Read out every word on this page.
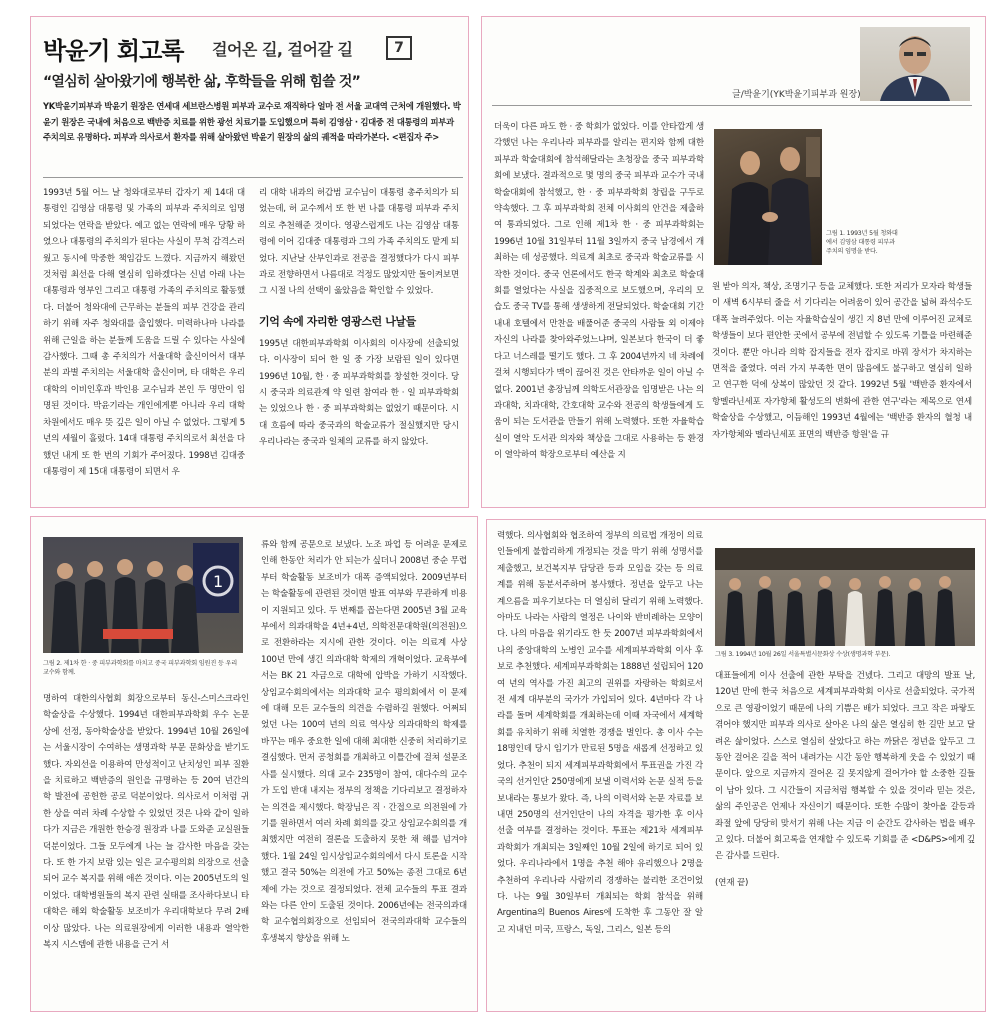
박윤기 회고록 걸어온 길, 걸어갈 길	7
“열심히 살아왔기에 행복한 삶, 후학들을 위해 힘쓸 것”
YK박윤기피부과 박윤기 원장은 연세대 세브란스병원 피부과 교수로 재직하다 얼마 전 서울 교대역 근처에 개원했다. 박윤기 원장은 국내에 처음으로 백반증 치료를 위한 광선 치료기를 도입했으며 특히 김영삼 · 김대중 전 대통령의 피부과 주치의로 유명하다. 피부과 의사로서 환자를 위해 살아왔던 박윤기 원장의 삶의 궤적을 따라가본다. <편집자 주>

1993년 5월 어느 날 청와대로부터 갑자기 제 14대 대통령인 김영삼 대통령 및 가족의 피부과 주치의로 임명되었다는 연락을 받았다. 예고 없는 연락에 매우 당황 하였으나 대통령의 주치의가 된다는 사실이 무척 감격스러웠고 동시에 막중한 책임감도 느꼈다. 지금까지 해왔던 것처럼 최선을 다해 열심히 임하겠다는 신념 아래 나는 대통령과 영부인 그리고 대통령 가족의 주치의로 활동했다. 더불어 청와대에 근무하는 분들의 피부 건강을 관리하기 위해 자주 청와대를 출입했다. 미력하나마 나라를 위해 근일을 하는 분들께 도움을 드릴 수 있다는 사실에 감사했다. 그때 총 주치의가 서울대학 출신이어서 대부분의 과별 주치의는 서울대학 출신이며, 타 대학은 우리 대학의 이비인후과 박인용 교수님과 본인 두 명만이 임명된 것이다. 박윤기라는 개인에게뿐 아니라 우리 대학 차원에서도 매우 뜻 깊은 일이 아닐 수 없었다. 그렇게 5년의 세월이 흘렀다. 14대 대통령 주치의로서 최선을 다했던 내게 또 한 번의 기회가 주어졌다. 1998년 김대중 대통령이 제 15대 대통령이 되면서 우

리 대학 내과의 허갑범 교수님이 대통령 총주치의가 되었는데, 허 교수께서 또 한 번 나를 대통령 피부과 주치의로 추천해준 것이다. 영광스럽게도 나는 김영삼 대통령에 이어 김대중 대통령과 그의 가족 주치의도 맡게 되었다. 지난날 산부인과로 전공을 결정했다가 다시 피부과로 전향하면서 나름대로 걱정도 많았지만 돌이켜보면 그 시절 나의 선택이 옳았음을 확인할 수 있었다.

기억 속에 자리한 영광스런 나날들

1995년 대한피부과학회 이사회의 이사장에 선출되었다. 이사장이 되어 한 일 중 가장 보람된 일이 있다면 1996년 10월, 한 · 중 피부과학회를 창설한 것이다. 당시 중국과 의료관계 약 일련 참여라 한 · 일 피부과학회는 있었으나 한 · 중 피부과학회는 없었기 때문이다. 시대 흐름에 따라 중국과의 학술교류가 절실했지만 당시 우리나라는 중국과 일체의 교류를 하지 않았다.

글/박윤기(YK박윤기피부과 원장)

더욱이 다른 파도 한 · 중 학회가 없었다. 이를 안타깝게 생각했던 나는 우리나라 피부과를 알리는 편지와 함께 대한피부과 학술대회에 참석해달라는 초청장을 중국 피부과학회에 보냈다. 결과적으로 몇 명의 중국 피부과 교수가 국내 학술대회에 참석했고, 한 · 중 피부과학회 창립을 구두로 약속했다. 그 후 피부과학회 전체 이사회의 안건을 제출하여 통과되었다. 그로 인해 제1차 한 · 중 피부과학회는 1996년 10월 31일부터 11월 3일까지 중국 남경에서 개최하는 데 성공했다. 의료계 최초로 중국과 학술교류를 시작한 것이다. 중국 언론에서도 한국 학계와 최초로 학술대회를 열었다는 사실을 집중적으로 보도했으며, 우리의 모습도 중국 TV를 통해 생생하게 전달되었다. 학술대회 기간 내내 호텔에서 만찬을 배풀어준 중국의 사람들 외 이제야 자신의 나라를 찾아와주었느냐며, 일본보다 한국이 더 좋다고 너스레를 떨기도 했다. 그 후 2004년까지 네 차례에 걸쳐 시행되다가 맥이 끊어진 것은 안타까운 일이 아닐 수 없다. 2001년 총장님께 의학도서관장을 임명받은 나는 의과대학, 치과대학, 간호대학 교수와 전공의 학생들에게 도움이 되는 도서관을 만들기 위해 노력했다. 또한 자율학습실이 열악 도서관 의자와 책상을 그대로 사용하는 등 환경이 열악하여 학장으로부터 예산을 지

그림 1. 1993년 5월 청와대에서 김영삼 대통령 피부과 주치의 임명을 받다.

원 받아 의자, 책상, 조명기구 등을 교체했다. 또한 저리가 모자라 학생들이 새벽 6시부터 줄을 서 기다리는 어려움이 있어 공간을 넓혀 좌석수도 대폭 늘려주었다. 이는 자율학습실이 생긴 지 8년 만에 이루어진 교체로 학생들이 보다 편안한 곳에서 공부에 전념할 수 있도록 기틀을 마련해준 것이다. 뿐만 아니라 의학 잡지들을 전자 잡지로 바꿔 장서가 차지하는 면적을 줄였다. 여러 가지 부족한 면이 많음에도 불구하고 열심히 일하고 연구한 덕에 상복이 많았던 것 같다. 1992년 5월 '백반증 환자에서 항멜라닌세포 자가항체 활성도의 변화에 관한 연구'라는 제목으로 연세학술상을 수상했고, 이듬해인 1993년 4월에는 '백반증 환자의 혈청 내 자가항체와 멜라닌세포 표면의 백반증 항원'을 규

1
그림 2. 제1차 한 · 중 피부과학회를 마치고 중국 피부과학회 임원진 등 우리 교수와 함께.

명하여 대한의사협회 회장으로부터 동신-스미스크라인 학술상을 수상했다. 1994년 대한피부과학회 우수 논문상에 선정, 동아학술상을 받았다. 1994년 10월 26일에는 서울시장이 수여하는 생명과학 부문 문화상을 받기도 했다. 자외선을 이용하여 만성적이고 난치성인 피부 질환을 치료하고 백반증의 원인을 규명하는 등 20여 년간의 학 발전에 공헌한 공로 덕분이었다. 의사로서 이처럼 귀한 상을 여러 차례 수상할 수 있었던 것은 나와 같이 일하다가 지금은 개원한 한승경 원장과 나를 도와준 교실원들 덕분이었다. 그들 모두에게 나는 늘 감사한 마음을 갖는다. 또 한 가지 보람 있는 일은 교수평의회 의장으로 선출되어 교수 복지를 위해 애쓴 것이다. 이는 2005년도의 일이었다. 대학병원들의 복지 관련 실태를 조사하다보니 타 대학은 해외 학술활동 보조비가 우리대학보다 무려 2배 이상 많았다. 나는 의료원장에게 이러한 내용과 열악한 복지 시스템에 관한 내용을 근거 서

류와 함께 공문으로 보냈다. 노조 파업 등 어려운 문제로 인해 한동안 처리가 안 되는가 싶더니 2008년 중순 무렵부터 학술활동 보조비가 대폭 증액되었다. 2009년부터는 학술활동에 관련된 것이면 발표 여부와 무관하게 비용이 지원되고 있다. 두 번째를 꼽는다면 2005년 3월 교육부에서 의과대학을 4년+4년, 의학전문대학원(의전원)으로 전환하라는 지시에 관한 것이다. 이는 의료계 사상 100년 만에 생긴 의과대학 학제의 개혁이었다. 교육부에서는 BK 21 자금으로 대학에 압박을 가하기 시작했다. 상임교수회의에서는 의과대학 교수 평의회에서 이 문제에 대해 모든 교수들의 의견을 수렴하길 원했다. 어쩌되었던 나는 100여 년의 의료 역사상 의과대학의 학제를 바꾸는 매우 중요한 일에 대해 최대한 신중히 처리하기로 결심했다. 먼저 공청회를 개최하고 이틀간에 걸쳐 설문조사를 실시했다. 의대 교수 235명이 참여, 대다수의 교수가 도입 반대 내지는 정부의 정책을 기다리보고 결정하자는 의견을 제시했다. 학장님은 직 · 간접으로 의전원에 가기를 원하면서 여러 차례 회의를 갖고 상임교수회의를 개최했지만 여전히 결론을 도출하지 못한 채 해를 넘겨야 했다. 1월 24일 임시상임교수회의에서 다시 토론을 시작했고 결국 50%는 의전에 가고 50%는 종전 그대로 6년제에 가는 것으로 결정되었다. 전체 교수들의 투표 결과와는 다른 안이 도출된 것이다. 2006년에는 전국의과대학 교수협의회장으로 선임되어 전국의과대학 교수들의 후생복지 향상을 위해 노

력했다. 의사협회와 협조하여 정부의 의료법 개정이 의료인들에게 불합리하게 개정되는 것을 막기 위해 성명서를 제출했고, 보건복지부 담당관 등과 모임을 갖는 등 의료계를 위해 동분서주하며 봉사했다. 정년을 앞두고 나는 계으름을 피우기보다는 더 열심히 달리기 위해 노력했다. 아마도 나라는 사람의 열정은 나이와 반비례하는 모양이다. 나의 마음을 위기라도 한 듯 2007년 피부과학회에서 나의 중앙대학의 노병인 교수를 세계피부과학회 이사 후보로 추천했다. 세계피부과학회는 1888년 설립되어 120여 년의 역사를 가진 최고의 권위를 자랑하는 학회로서 전 세계 대부분의 국가가 가입되어 있다. 4년마다 각 나라를 돌며 세계학회를 개최하는데 이때 자국에서 세계학회를 유치하기 위해 치열한 경쟁을 벌인다. 총 이사 수는 18명인데 당시 임기가 만료된 5명을 새롭게 선정하고 있었다. 추천이 되지 세계피부과학회에서 투표권을 가진 각국의 선거인단 250명에게 보낼 이력서와 논문 실적 등을 보내라는 통보가 왔다. 즉, 나의 이력서와 논문 자료를 보내면 250명의 선거인단이 나의 자격을 평가한 후 이사 선출 여부를 결정하는 것이다. 투표는 제21차 세계피부과학회가 개최되는 3일째인 10월 2일에 하기로 되어 있었다. 우리나라에서 1명을 추천 해야 유리했으나 2명을 추천하여 우리나라 사람끼리 경쟁하는 불리한 조건이었다. 나는 9월 30일부터 개최되는 학회 참석을 위해 Argentina의 Buenos Aires에 도착한 후 그동안 잘 알고 지내던 미국, 프랑스, 독일, 그리스, 일본 등의

그림 3. 1994년 10월 26일 서울특별시문화상 수상(생명과학 부문).

대표들에게 이사 선출에 관한 부탁을 건넸다. 그리고 대망의 발표 날, 120년 만에 한국 처음으로 세계피부과학회 이사로 선출되었다. 국가적으로 큰 영광이었기 때문에 나의 기쁨은 배가 되었다. 크고 작은 파랗도 겪어야 했지만 피부과 의사로 살아온 나의 삶은 열심히 한 길만 보고 달려온 삶이었다. 스스로 열심히 살았다고 하는 까닭은 정년을 앞두고 그동안 걸어온 길을 적어 내려가는 시간 동안 행복하게 웃을 수 있었기 때문이다. 앞으로 지금까지 걸어온 길 못지않게 걸어가야 할 소중한 길들이 남아 있다. 그 시간들이 지금처럼 행복할 수 있을 것이라 믿는 것은, 삶의 주인공은 언제나 자신이기 때문이다. 또한 수많이 찾아올 갈등과 좌절 앞에 당당히 맞서기 위해 나는 지금 이 순간도 감사하는 법을 배우고 있다. 더불어 회고록을 연재할 수 있도록 기회를 준 <D&PS>에게 깊은 감사를 드린다.

(연재 끝)
